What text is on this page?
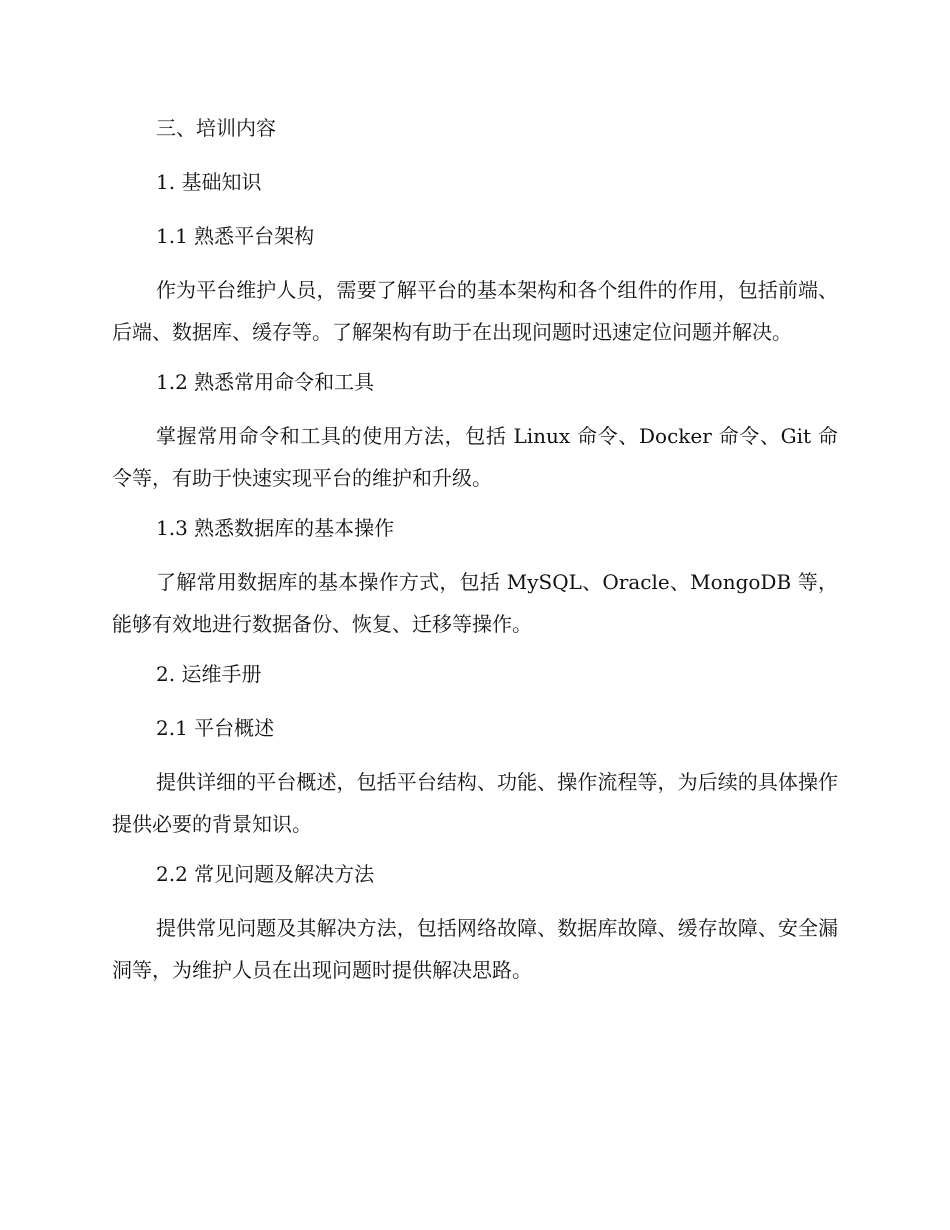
三、培训内容
1. 基础知识
1.1 熟悉平台架构
作为平台维护人员，需要了解平台的基本架构和各个组件的作用，包括前端、后端、数据库、缓存等。了解架构有助于在出现问题时迅速定位问题并解决。
1.2 熟悉常用命令和工具
掌握常用命令和工具的使用方法，包括 Linux 命令、Docker 命令、Git 命令等，有助于快速实现平台的维护和升级。
1.3 熟悉数据库的基本操作
了解常用数据库的基本操作方式，包括 MySQL、Oracle、MongoDB 等，能够有效地进行数据备份、恢复、迁移等操作。
2. 运维手册
2.1 平台概述
提供详细的平台概述，包括平台结构、功能、操作流程等，为后续的具体操作提供必要的背景知识。
2.2 常见问题及解决方法
提供常见问题及其解决方法，包括网络故障、数据库故障、缓存故障、安全漏洞等，为维护人员在出现问题时提供解决思路。
